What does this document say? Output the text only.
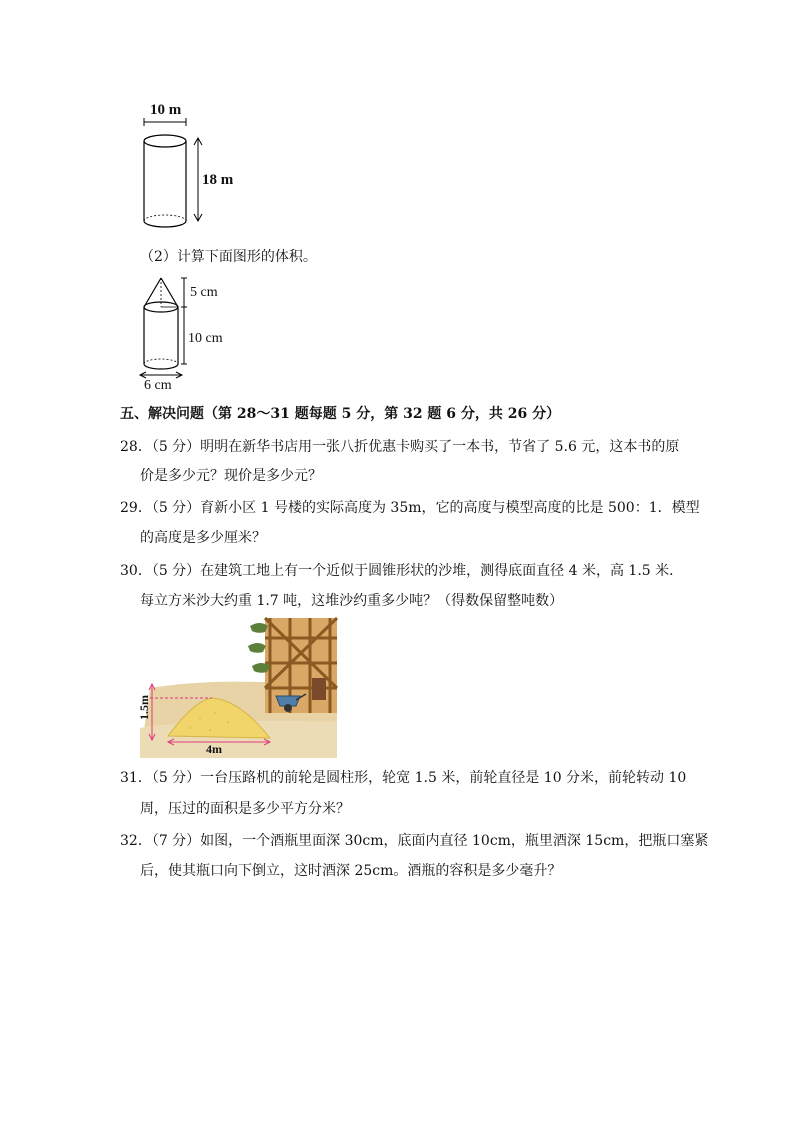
10 m
18 m
（2）计算下面图形的体积。
5 cm
10 cm
6 cm
五、解决问题（第 28～31 题每题 5 分，第 32 题 6 分，共 26 分）
28．（5 分）明明在新华书店用一张八折优惠卡购买了一本书，节省了 5.6 元，这本书的原
价是多少元？现价是多少元？
29．（5 分）育新小区 1 号楼的实际高度为 35m，它的高度与模型高度的比是 500：1．模型
的高度是多少厘米？
30．（5 分）在建筑工地上有一个近似于圆锥形状的沙堆，测得底面直径 4 米，高 1.5 米．
每立方米沙大约重 1.7 吨，这堆沙约重多少吨？（得数保留整吨数）
1.5m
4m
31．（5 分）一台压路机的前轮是圆柱形，轮宽 1.5 米，前轮直径是 10 分米，前轮转动 10
周，压过的面积是多少平方分米？
32．（7 分）如图，一个酒瓶里面深 30cm，底面内直径 10cm，瓶里酒深 15cm，把瓶口塞紧
后，使其瓶口向下倒立，这时酒深 25cm。酒瓶的容积是多少毫升？
